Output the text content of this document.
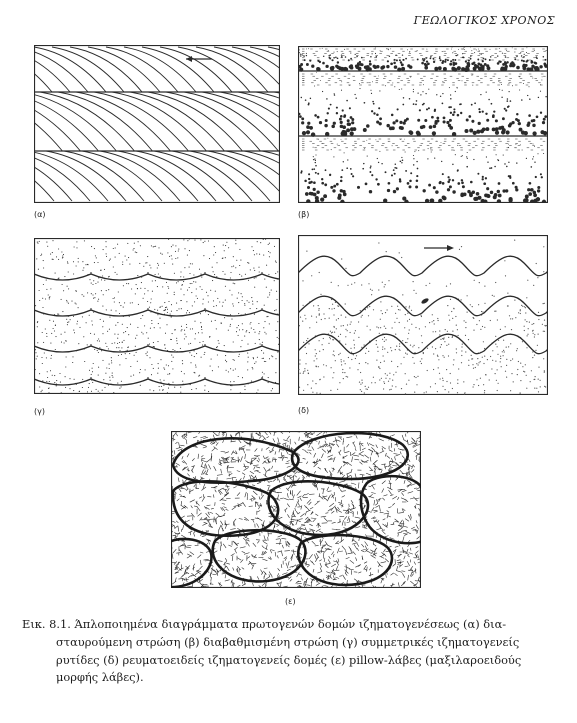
ΓΕΩΛΟΓΙΚΟΣ ΧΡΟΝΟΣ
(α)	(β)
(γ)	(δ)
(ε)
Εικ. 8.1. Άπλοποιημένα διαγράμματα πρωτογενών δομών ιζηματογενέσεως (α) δια-
σταυρούμενη στρώση (β) διαβαθμισμένη στρώση (γ) συμμετρικές ιζηματογενείς
ρυτίδες (δ) ρευματοειδείς ιζηματογενείς δομές (ε) pillow-λάβες (μαξιλαροειδούς
μορφής λάβες).
